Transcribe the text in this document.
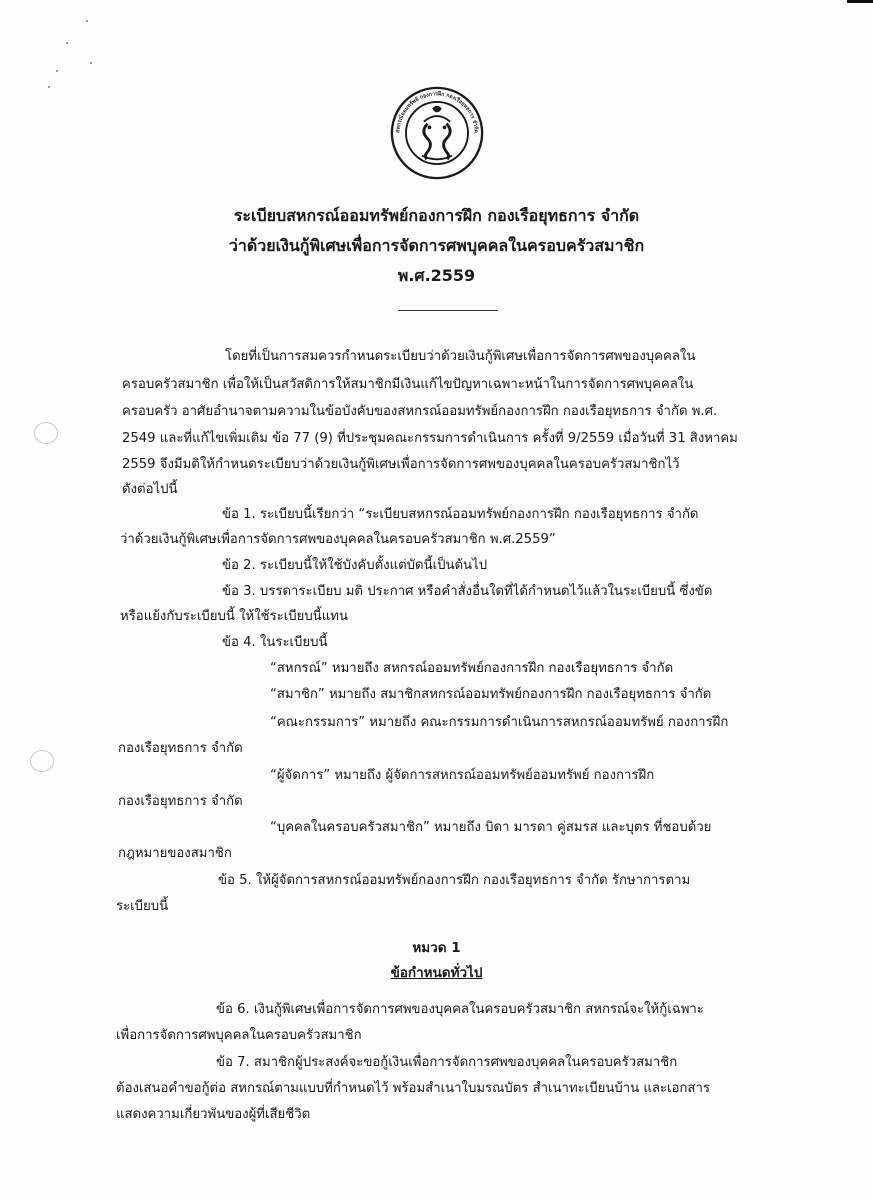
สหกรณ์ออมทรัพย์ กองการฝึก กองเรือยุทธการ จำกัด
ระเบียบสหกรณ์ออมทรัพย์กองการฝึก กองเรือยุทธการ จำกัด
ว่าด้วยเงินกู้พิเศษเพื่อการจัดการศพบุคคลในครอบครัวสมาชิก
พ.ศ.2559
โดยที่เป็นการสมควรกำหนดระเบียบว่าด้วยเงินกู้พิเศษเพื่อการจัดการศพของบุคคลใน
ครอบครัวสมาชิก เพื่อให้เป็นสวัสดิการให้สมาชิกมีเงินแก้ไขปัญหาเฉพาะหน้าในการจัดการศพบุคคลใน
ครอบครัว อาศัยอำนาจตามความในข้อบังคับของสหกรณ์ออมทรัพย์กองการฝึก กองเรือยุทธการ จำกัด พ.ศ.
2549 และที่แก้ไขเพิ่มเติม ข้อ 77 (9) ที่ประชุมคณะกรรมการดำเนินการ ครั้งที่ 9/2559 เมื่อวันที่ 31 สิงหาคม
2559 จึงมีมติให้กำหนดระเบียบว่าด้วยเงินกู้พิเศษเพื่อการจัดการศพของบุคคลในครอบครัวสมาชิกไว้
ดังต่อไปนี้
ข้อ 1. ระเบียบนี้เรียกว่า “ระเบียบสหกรณ์ออมทรัพย์กองการฝึก กองเรือยุทธการ จำกัด
ว่าด้วยเงินกู้พิเศษเพื่อการจัดการศพของบุคคลในครอบครัวสมาชิก พ.ศ.2559”
ข้อ 2. ระเบียบนี้ให้ใช้บังคับตั้งแต่บัดนี้เป็นต้นไป
ข้อ 3. บรรดาระเบียบ มติ ประกาศ หรือคำสั่งอื่นใดที่ได้กำหนดไว้แล้วในระเบียบนี้ ซึ่งขัด
หรือแย้งกับระเบียบนี้ ให้ใช้ระเบียบนี้แทน
ข้อ 4. ในระเบียบนี้
“สหกรณ์” หมายถึง สหกรณ์ออมทรัพย์กองการฝึก กองเรือยุทธการ จำกัด
“สมาชิก” หมายถึง สมาชิกสหกรณ์ออมทรัพย์กองการฝึก กองเรือยุทธการ จำกัด
“คณะกรรมการ” หมายถึง คณะกรรมการดำเนินการสหกรณ์ออมทรัพย์ กองการฝึก
กองเรือยุทธการ จำกัด
“ผู้จัดการ” หมายถึง ผู้จัดการสหกรณ์ออมทรัพย์ออมทรัพย์ กองการฝึก
กองเรือยุทธการ จำกัด
“บุคคลในครอบครัวสมาชิก” หมายถึง บิดา มารดา คู่สมรส และบุตร ที่ชอบด้วย
กฎหมายของสมาชิก
ข้อ 5. ให้ผู้จัดการสหกรณ์ออมทรัพย์กองการฝึก กองเรือยุทธการ จำกัด รักษาการตาม
ระเบียบนี้
หมวด 1
ข้อกำหนดทั่วไป
ข้อ 6. เงินกู้พิเศษเพื่อการจัดการศพของบุคคลในครอบครัวสมาชิก สหกรณ์จะให้กู้เฉพาะ
เพื่อการจัดการศพบุคคลในครอบครัวสมาชิก
ข้อ 7. สมาชิกผู้ประสงค์จะขอกู้เงินเพื่อการจัดการศพของบุคคลในครอบครัวสมาชิก
ต้องเสนอคำขอกู้ต่อ สหกรณ์ตามแบบที่กำหนดไว้ พร้อมสำเนาใบมรณบัตร สำเนาทะเบียนบ้าน และเอกสาร
แสดงความเกี่ยวพันของผู้ที่เสียชีวิต
